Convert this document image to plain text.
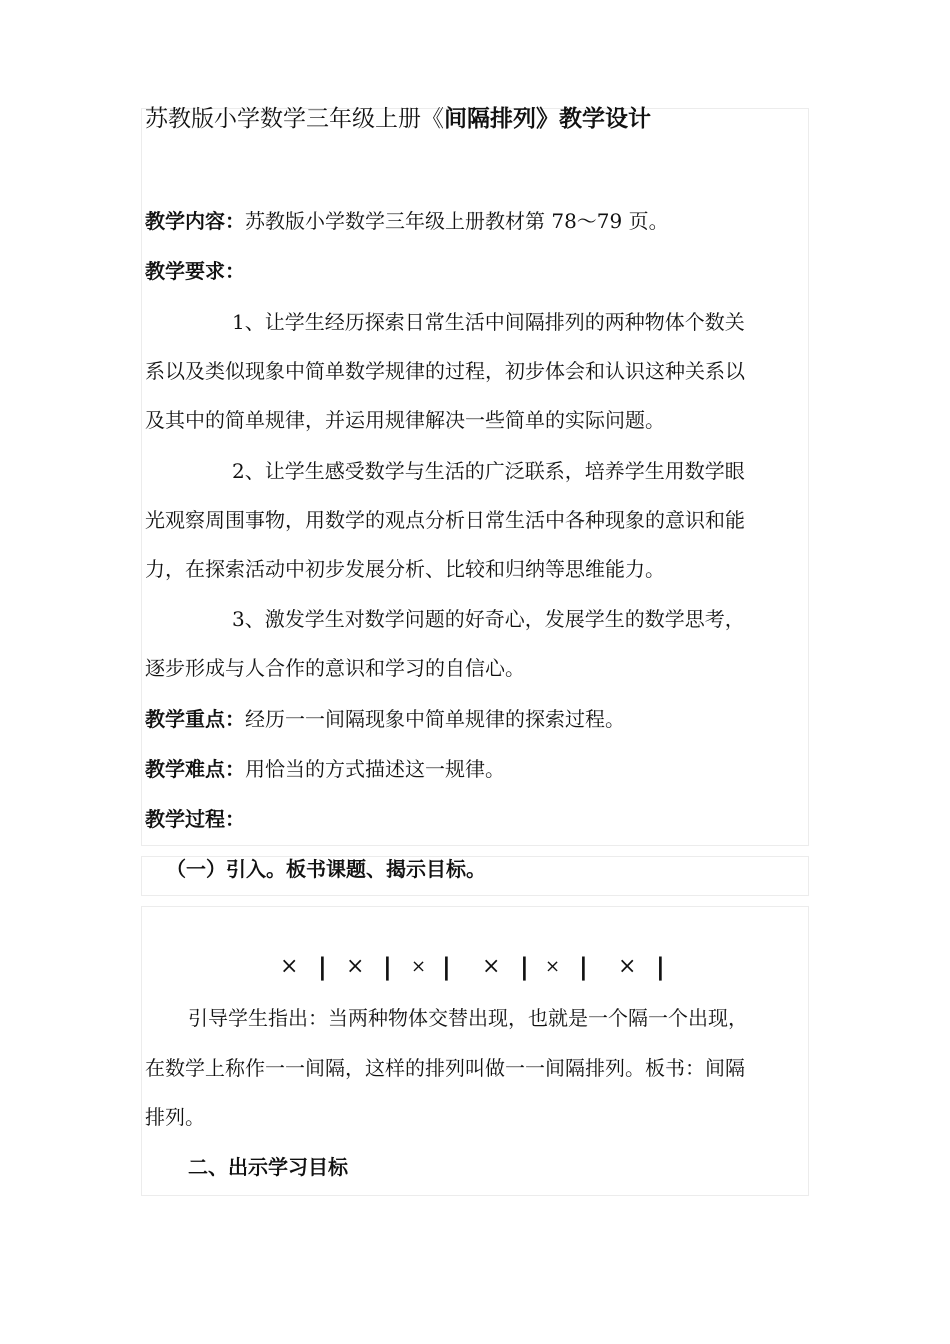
苏教版小学数学三年级上册《间隔排列》教学设计
教学内容：苏教版小学数学三年级上册教材第 78～79 页。
教学要求：
1、让学生经历探索日常生活中间隔排列的两种物体个数关
系以及类似现象中简单数学规律的过程，初步体会和认识这种关系以
及其中的简单规律，并运用规律解决一些简单的实际问题。
2、让学生感受数学与生活的广泛联系，培养学生用数学眼
光观察周围事物，用数学的观点分析日常生活中各种现象的意识和能
力，在探索活动中初步发展分析、比较和归纳等思维能力。
3、激发学生对数学问题的好奇心，发展学生的数学思考，
逐步形成与人合作的意识和学习的自信心。
教学重点：经历一一间隔现象中简单规律的探索过程。
教学难点：用恰当的方式描述这一规律。
教学过程：
（一）引入。板书课题、揭示目标。
× | × | × | × | × | × |
引导学生指出：当两种物体交替出现，也就是一个隔一个出现，
在数学上称作一一间隔，这样的排列叫做一一间隔排列。板书：间隔
排列。
二、出示学习目标
